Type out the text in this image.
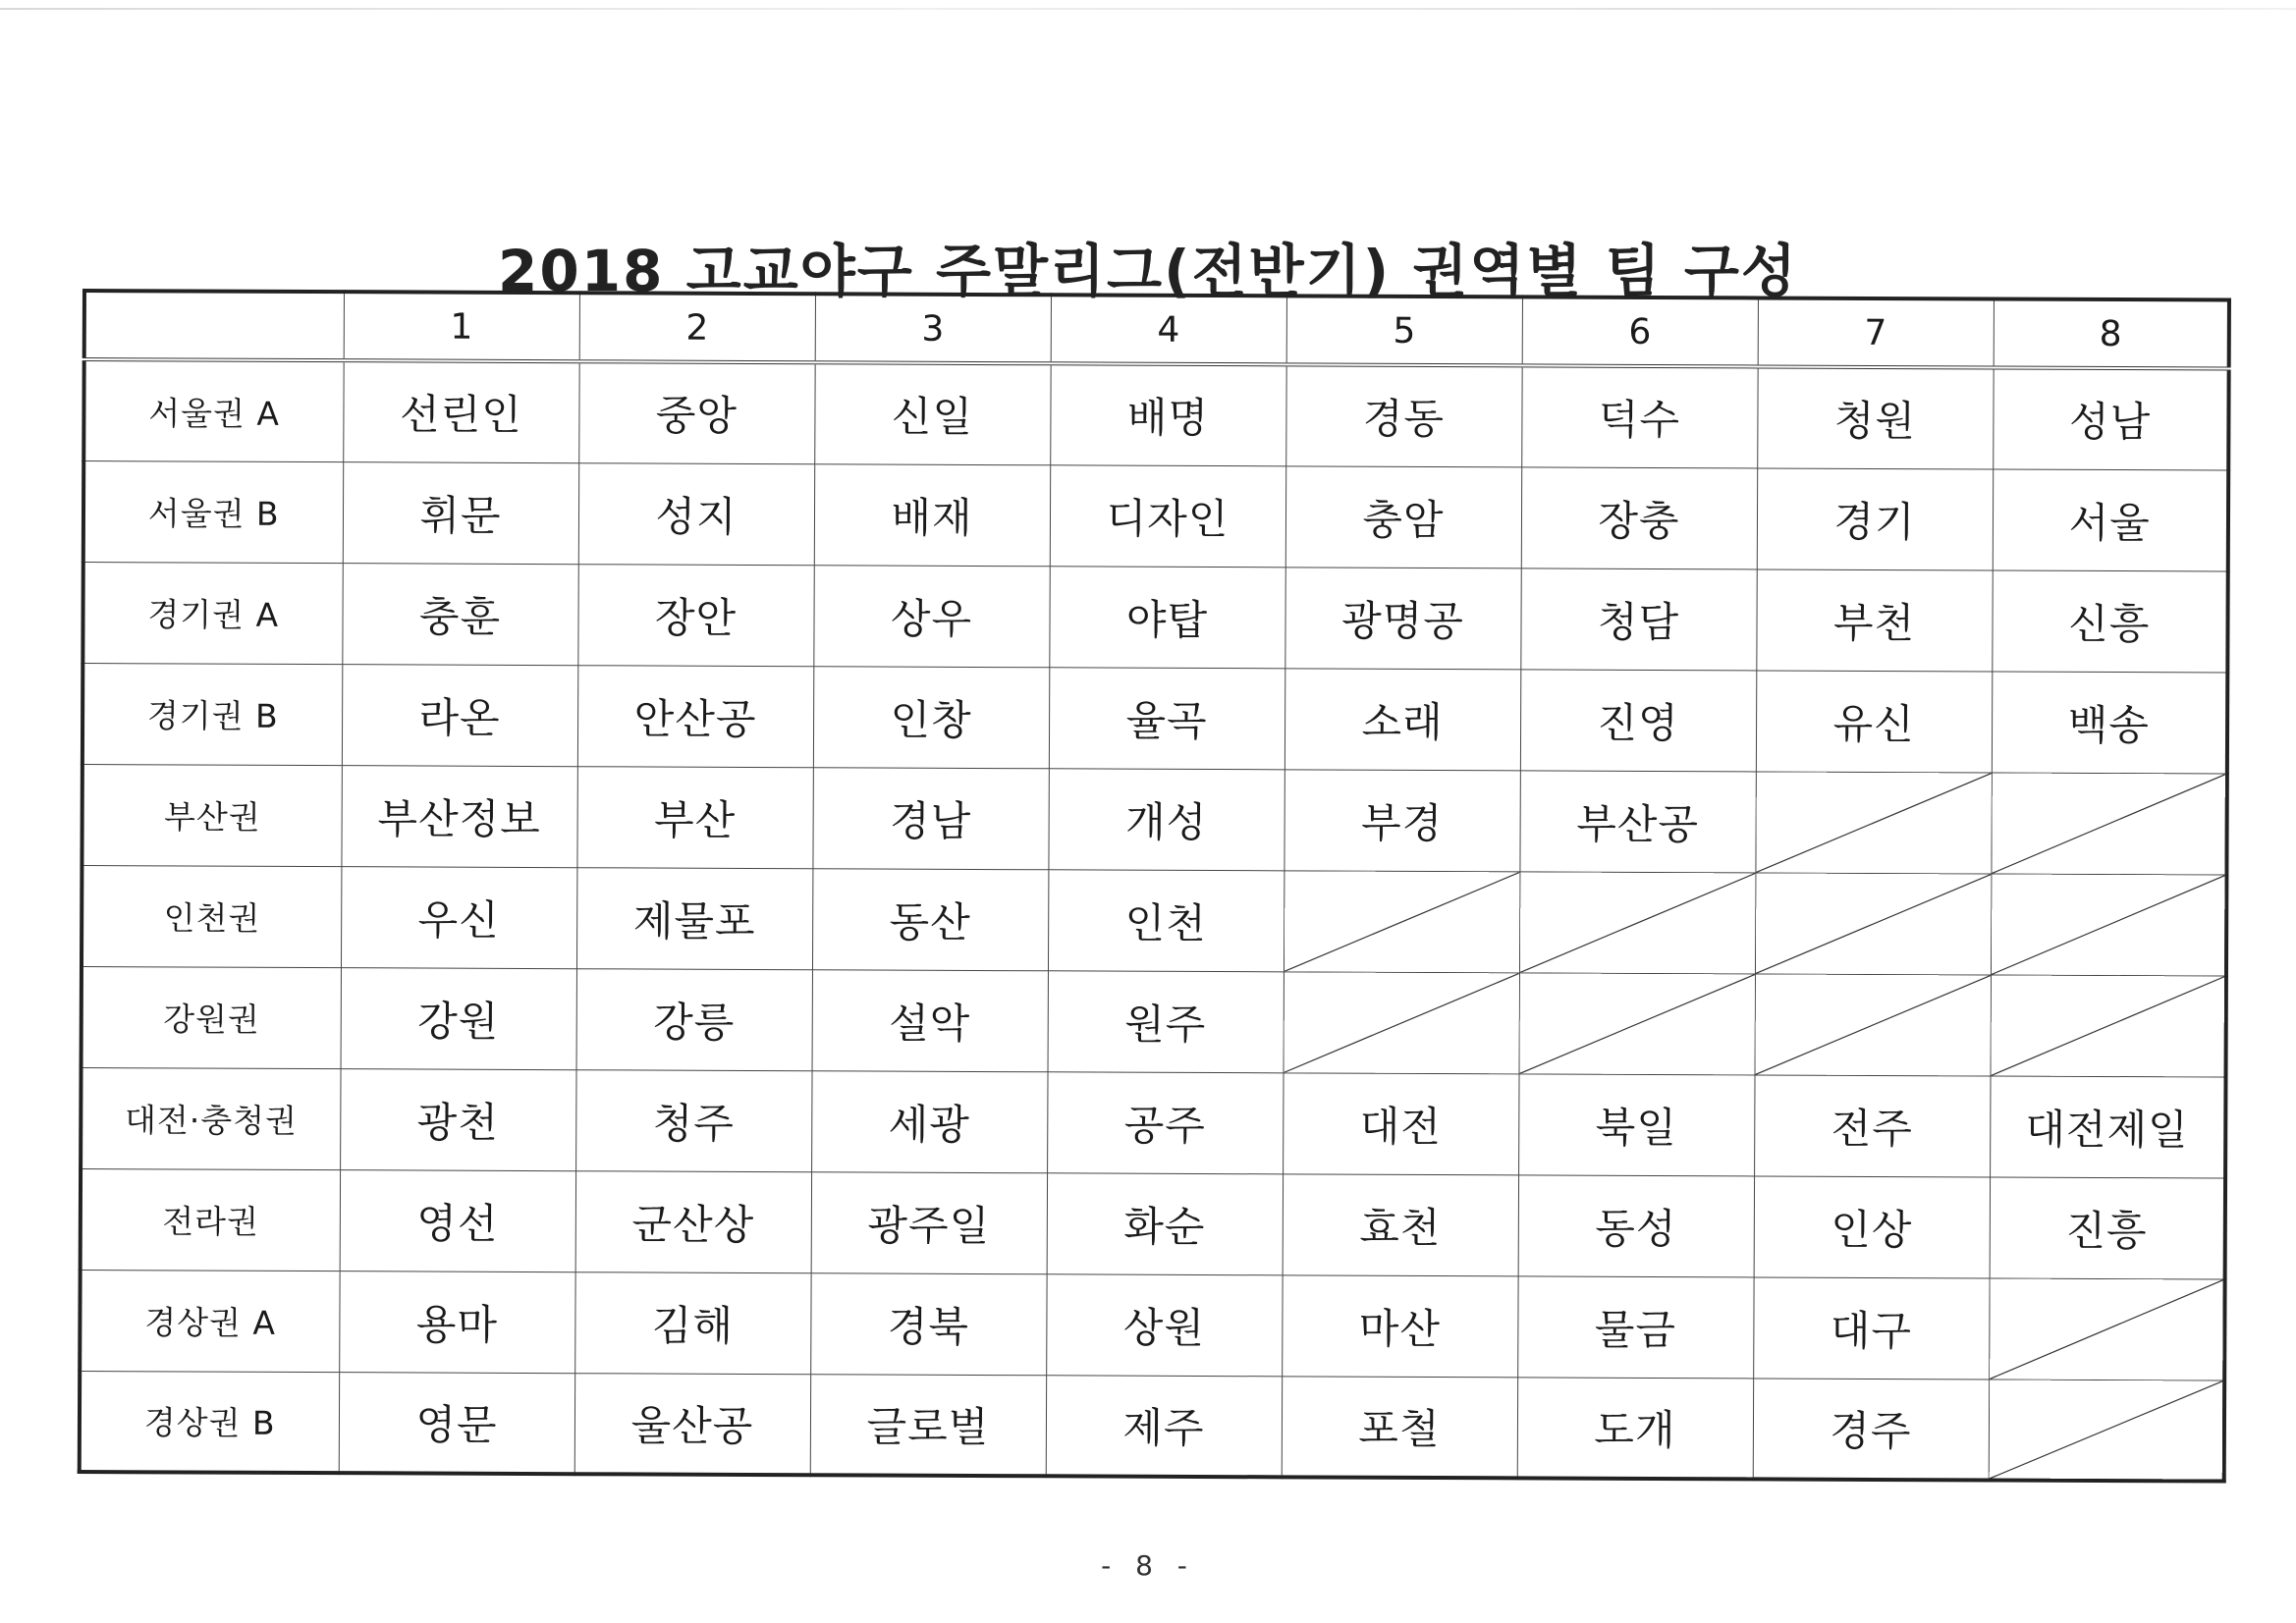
2018 고교야구 주말리그(전반기) 권역별 팀 구성
	1	2	3	4	5	6	7	8
서울권 A	선린인	중앙	신일	배명	경동	덕수	청원	성남
서울권 B	휘문	성지	배재	디자인	충암	장충	경기	서울
경기권 A	충훈	장안	상우	야탑	광명공	청담	부천	신흥
경기권 B	라온	안산공	인창	율곡	소래	진영	유신	백송
부산권	부산정보	부산	경남	개성	부경	부산공	

인천권	우신	제물포	동산	인천	

강원권	강원	강릉	설악	원주	

대전·충청권	광천	청주	세광	공주	대전	북일	전주	대전제일
전라권	영선	군산상	광주일	화순	효천	동성	인상	진흥
경상권 A	용마	김해	경북	상원	마산	물금	대구	

경상권 B	영문	울산공	글로벌	제주	포철	도개	경주	
- 8 -
